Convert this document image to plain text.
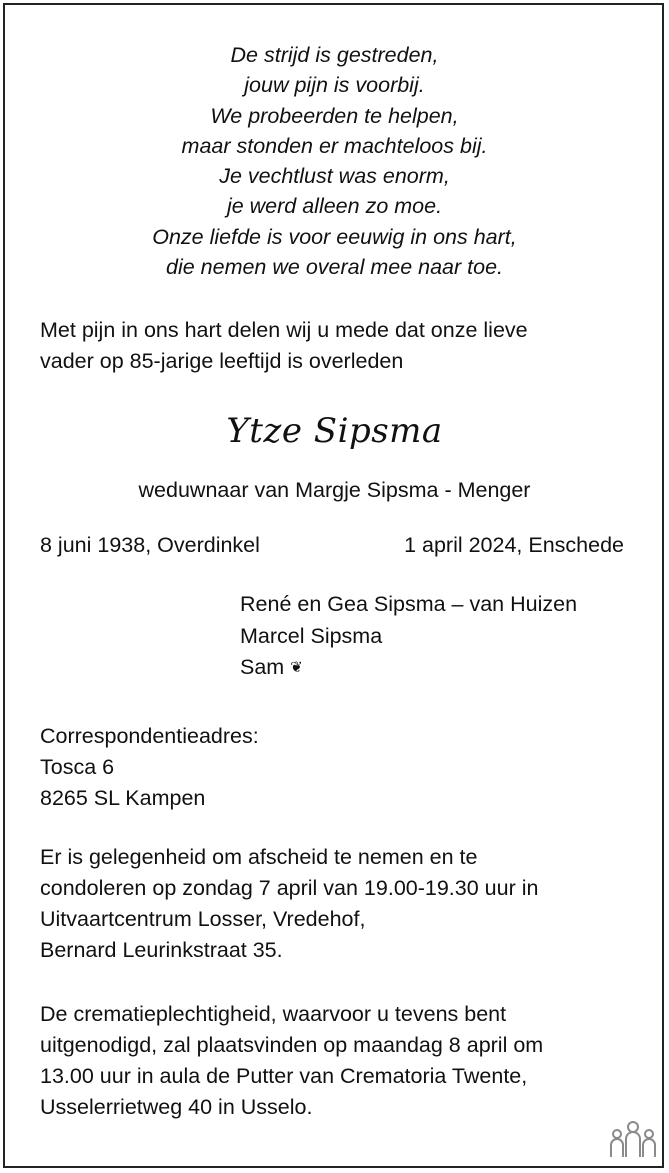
De strijd is gestreden,
jouw pijn is voorbij.
We probeerden te helpen,
maar stonden er machteloos bij.
Je vechtlust was enorm,
je werd alleen zo moe.
Onze liefde is voor eeuwig in ons hart,
die nemen we overal mee naar toe.
Met pijn in ons hart delen wij u mede dat onze lieve
vader op 85-jarige leeftijd is overleden
Ytze Sipsma
weduwnaar van Margje Sipsma - Menger
8 juni 1938, Overdinkel	1 april 2024, Enschede
René en Gea Sipsma – van Huizen
Marcel Sipsma
Sam ❦
Correspondentieadres:
Tosca 6
8265 SL Kampen
Er is gelegenheid om afscheid te nemen en te
condoleren op zondag 7 april van 19.00-19.30 uur in
Uitvaartcentrum Losser, Vredehof,
Bernard Leurinkstraat 35.
De crematieplechtigheid, waarvoor u tevens bent
uitgenodigd, zal plaatsvinden op maandag 8 april om
13.00 uur in aula de Putter van Crematoria Twente,
Usselerrietweg 40 in Usselo.
